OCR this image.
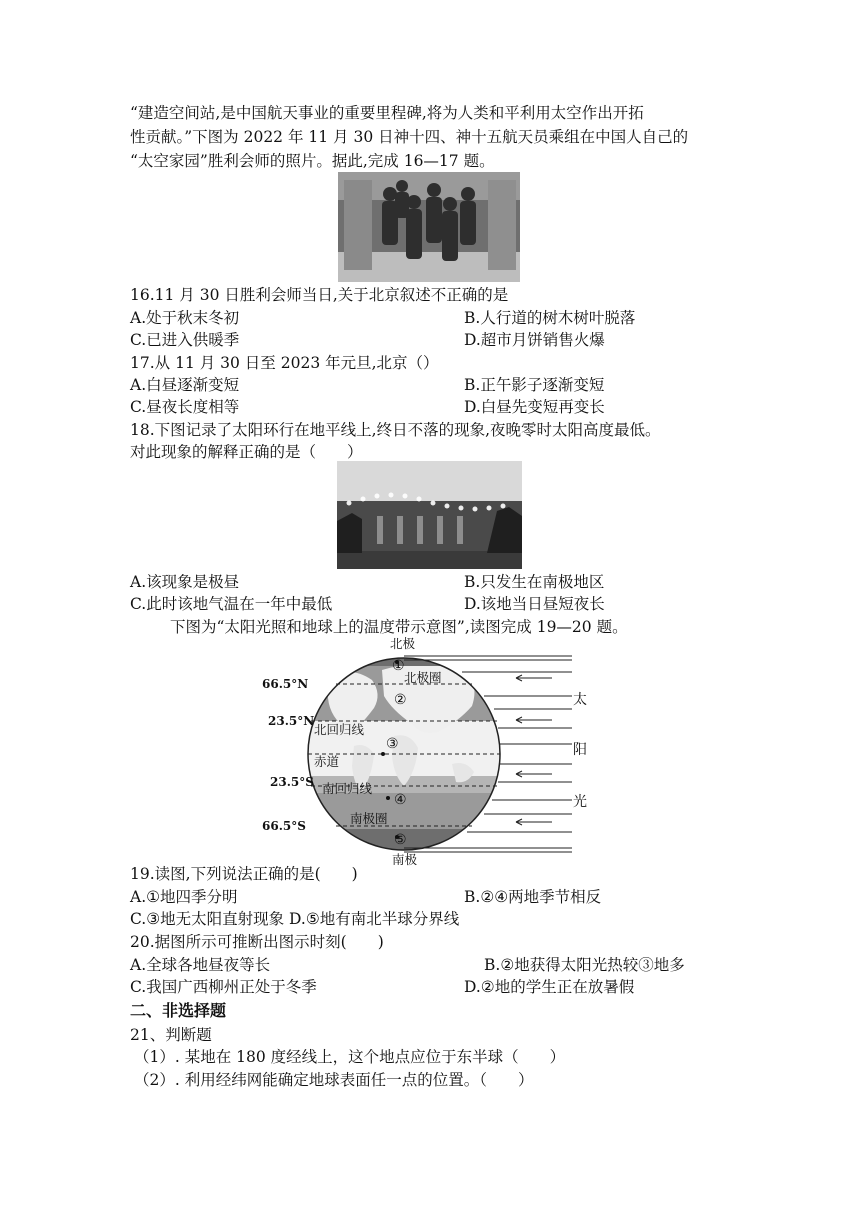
“建造空间站,是中国航天事业的重要里程碑,将为人类和平利用太空作出开拓
性贡献。”下图为 2022 年 11 月 30 日神十四、神十五航天员乘组在中国人自己的
“太空家园”胜利会师的照片。据此,完成 16—17 题。
16.11 月 30 日胜利会师当日,关于北京叙述不正确的是
A.处于秋末冬初	B.人行道的树木树叶脱落
C.已进入供暖季	D.超市月饼销售火爆
17.从 11 月 30 日至 2023 年元旦,北京（）
A.白昼逐渐变短	B.正午影子逐渐变短
C.昼夜长度相等	D.白昼先变短再变长
18.下图记录了太阳环行在地平线上,终日不落的现象,夜晚零时太阳高度最低。
对此现象的解释正确的是（　　）
A.该现象是极昼	B.只发生在南极地区
C.此时该地气温在一年中最低	D.该地当日昼短夜长
下图为“太阳光照和地球上的温度带示意图”,读图完成 19—20 题。
北极
南极
66.5°N
23.5°N
23.5°S
66.5°S
北极圈
北回归线
赤道
南回归线
南极圈
①
②
③
④
⑤
太
阳
光
19.读图,下列说法正确的是(　　)
A.①地四季分明	B.②④两地季节相反
C.③地无太阳直射现象 D.⑤地有南北半球分界线
20.据图所示可推断出图示时刻(　　)
A.全球各地昼夜等长	B.②地获得太阳光热较③地多
C.我国广西柳州正处于冬季	D.②地的学生正在放暑假
二、非选择题
21、判断题
（1）. 某地在 180 度经线上，这个地点应位于东半球（　　）
（2）. 利用经纬网能确定地球表面任一点的位置。（　　）
